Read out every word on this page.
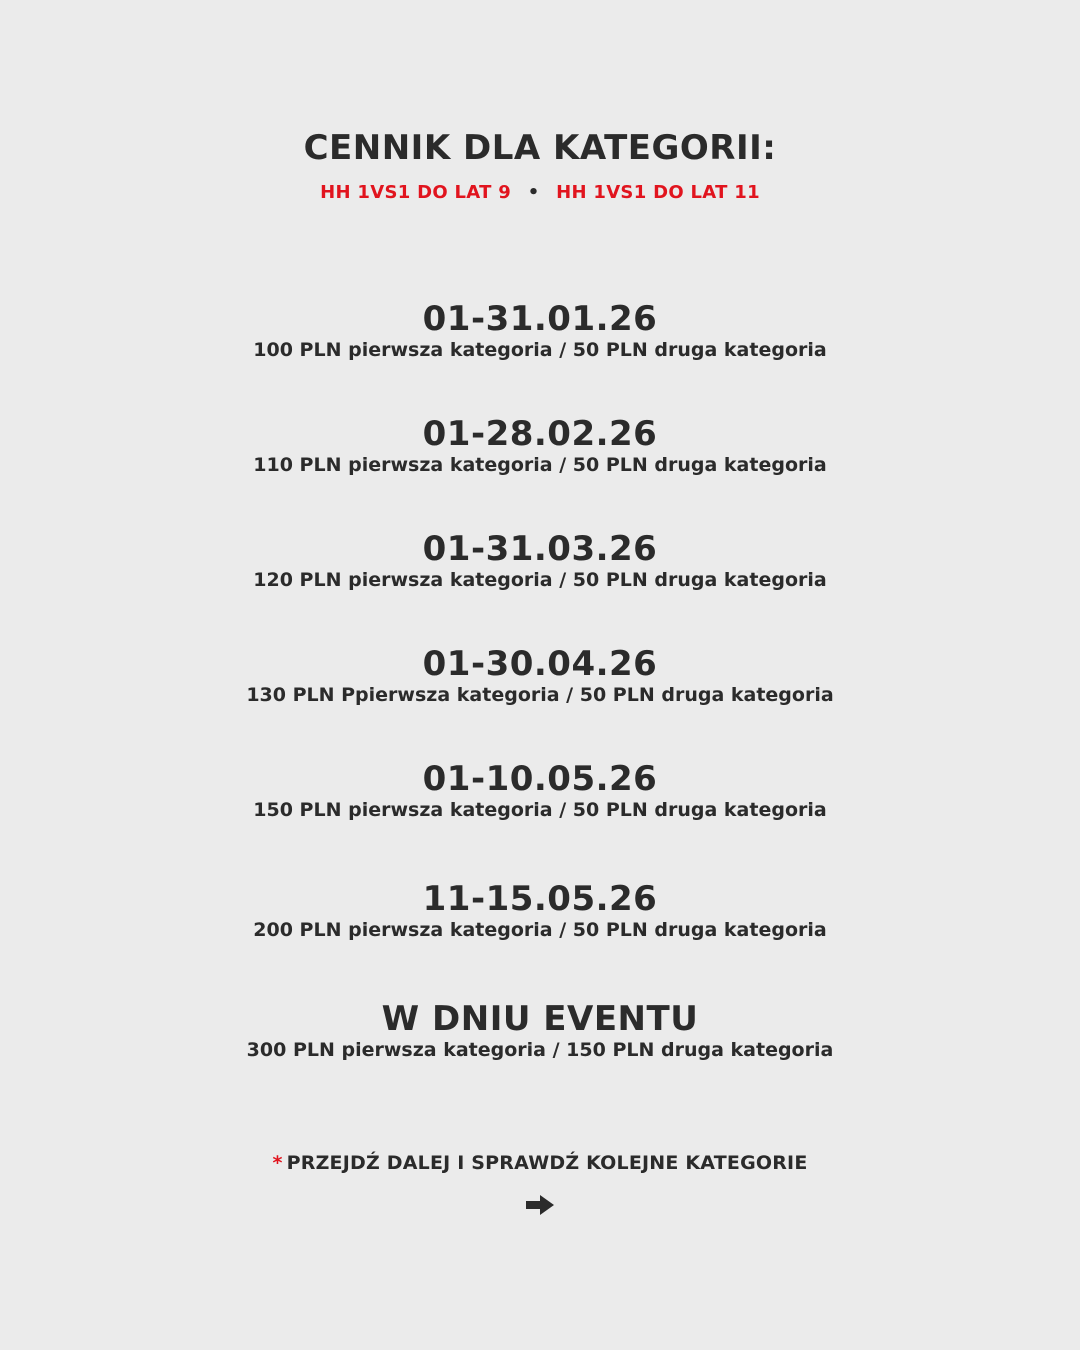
CENNIK DLA KATEGORII:
HH 1VS1 DO LAT 9 • HH 1VS1 DO LAT 11
01-31.01.26
100 PLN pierwsza kategoria / 50 PLN druga kategoria
01-28.02.26
110 PLN pierwsza kategoria / 50 PLN druga kategoria
01-31.03.26
120 PLN pierwsza kategoria / 50 PLN druga kategoria
01-30.04.26
130 PLN Ppierwsza kategoria / 50 PLN druga kategoria
01-10.05.26
150 PLN pierwsza kategoria / 50 PLN druga kategoria
11-15.05.26
200 PLN pierwsza kategoria / 50 PLN druga kategoria
W DNIU EVENTU
300 PLN pierwsza kategoria / 150 PLN druga kategoria
* PRZEJDŹ DALEJ I SPRAWDŹ KOLEJNE KATEGORIE
